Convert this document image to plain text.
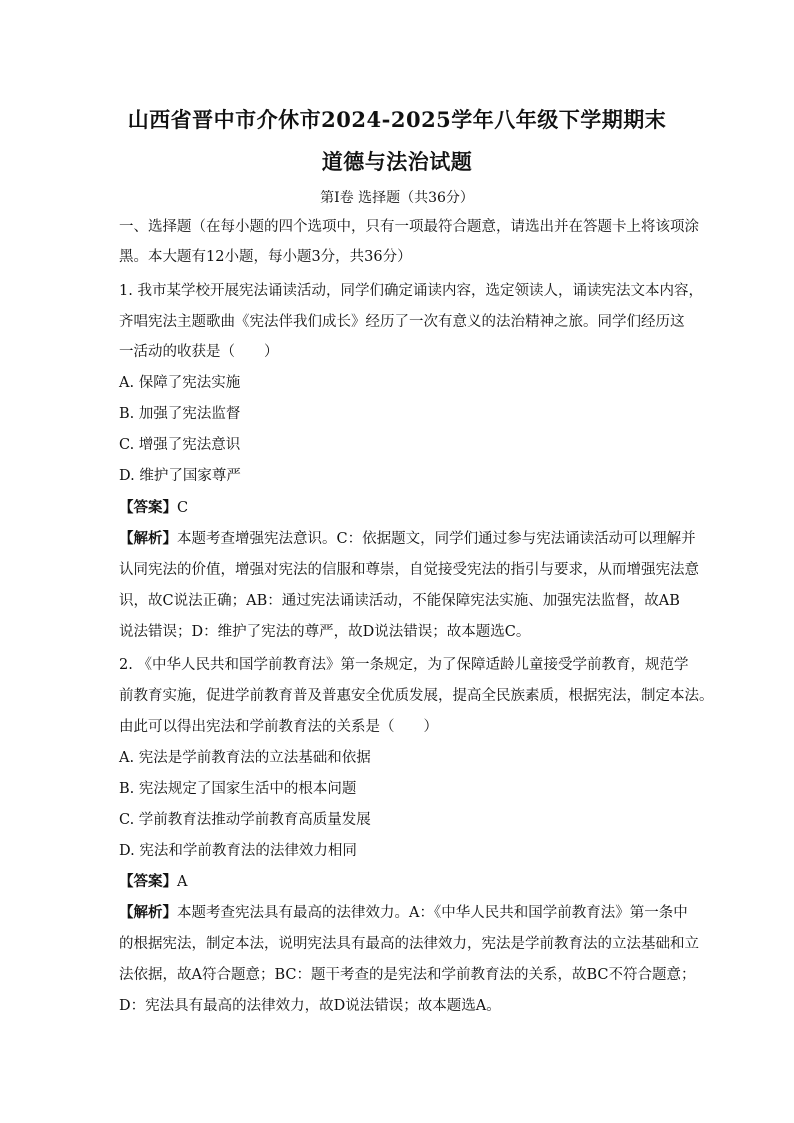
山西省晋中市介休市2024-2025学年八年级下学期期末
道德与法治试题
第Ⅰ卷 选择题（共36分）
一、选择题（在每小题的四个选项中，只有一项最符合题意，请选出并在答题卡上将该项涂
黑。本大题有12小题，每小题3分，共36分）
1. 我市某学校开展宪法诵读活动，同学们确定诵读内容，选定领读人，诵读宪法文本内容，
齐唱宪法主题歌曲《宪法伴我们成长》经历了一次有意义的法治精神之旅。同学们经历这
一活动的收获是（　　）
A. 保障了宪法实施
B. 加强了宪法监督
C. 增强了宪法意识
D. 维护了国家尊严
【答案】C
【解析】本题考查增强宪法意识。C：依据题文，同学们通过参与宪法诵读活动可以理解并
认同宪法的价值，增强对宪法的信服和尊崇，自觉接受宪法的指引与要求，从而增强宪法意
识，故C说法正确；AB：通过宪法诵读活动，不能保障宪法实施、加强宪法监督，故AB
说法错误；D：维护了宪法的尊严，故D说法错误；故本题选C。
2. 《中华人民共和国学前教育法》第一条规定，为了保障适龄儿童接受学前教育，规范学
前教育实施，促进学前教育普及普惠安全优质发展，提高全民族素质，根据宪法，制定本法。
由此可以得出宪法和学前教育法的关系是（　　）
A. 宪法是学前教育法的立法基础和依据
B. 宪法规定了国家生活中的根本问题
C. 学前教育法推动学前教育高质量发展
D. 宪法和学前教育法的法律效力相同
【答案】A
【解析】本题考查宪法具有最高的法律效力。A：《中华人民共和国学前教育法》第一条中
的根据宪法，制定本法，说明宪法具有最高的法律效力，宪法是学前教育法的立法基础和立
法依据，故A符合题意；BC：题干考查的是宪法和学前教育法的关系，故BC不符合题意；
D：宪法具有最高的法律效力，故D说法错误；故本题选A。
